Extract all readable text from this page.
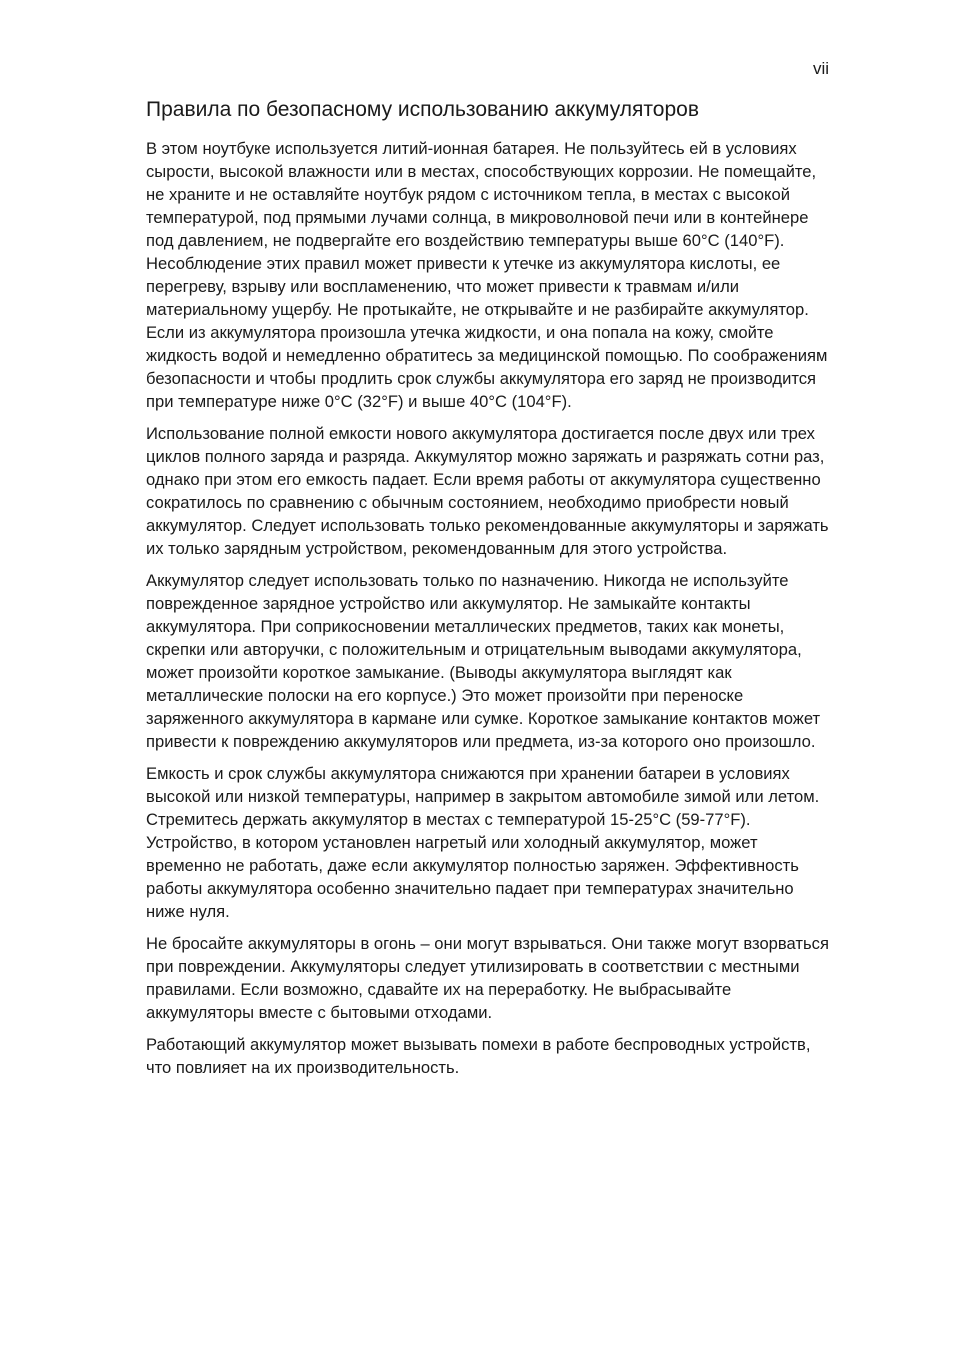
vii
Правила по безопасному использованию аккумуляторов

В этом ноутбуке используется литий-ионная батарея. Не пользуйтесь ей в условиях сырости, высокой влажности или в местах, способствующих коррозии. Не помещайте, не храните и не оставляйте ноутбук рядом с источником тепла, в местах с высокой температурой, под прямыми лучами солнца, в микроволновой печи или в контейнере под давлением, не подвергайте его воздействию температуры выше 60°C (140°F). Несоблюдение этих правил может привести к утечке из аккумулятора кислоты, ее перегреву, взрыву или воспламенению, что может привести к травмам и/или материальному ущербу. Не протыкайте, не открывайте и не разбирайте аккумулятор. Если из аккумулятора произошла утечка жидкости, и она попала на кожу, смойте жидкость водой и немедленно обратитесь за медицинской помощью. По соображениям безопасности и чтобы продлить срок службы аккумулятора его заряд не производится при температуре ниже 0°C (32°F) и выше 40°C (104°F).

Использование полной емкости нового аккумулятора достигается после двух или трех циклов полного заряда и разряда. Аккумулятор можно заряжать и разряжать сотни раз, однако при этом его емкость падает. Если время работы от аккумулятора существенно сократилось по сравнению с обычным состоянием, необходимо приобрести новый аккумулятор. Следует использовать только рекомендованные аккумуляторы и заряжать их только зарядным устройством, рекомендованным для этого устройства.

Аккумулятор следует использовать только по назначению. Никогда не используйте поврежденное зарядное устройство или аккумулятор. Не замыкайте контакты аккумулятора. При соприкосновении металлических предметов, таких как монеты, скрепки или авторучки, с положительным и отрицательным выводами аккумулятора, может произойти короткое замыкание. (Выводы аккумулятора выглядят как металлические полоски на его корпусе.) Это может произойти при переноске заряженного аккумулятора в кармане или сумке. Короткое замыкание контактов может привести к повреждению аккумуляторов или предмета, из-за которого оно произошло.

Емкость и срок службы аккумулятора снижаются при хранении батареи в условиях высокой или низкой температуры, например в закрытом автомобиле зимой или летом. Стремитесь держать аккумулятор в местах с температурой 15-25°C (59-77°F). Устройство, в котором установлен нагретый или холодный аккумулятор, может временно не работать, даже если аккумулятор полностью заряжен. Эффективность работы аккумулятора особенно значительно падает при температурах значительно ниже нуля.

Не бросайте аккумуляторы в огонь – они могут взрываться. Они также могут взорваться при повреждении. Аккумуляторы следует утилизировать в соответствии с местными правилами. Если возможно, сдавайте их на переработку. Не выбрасывайте аккумуляторы вместе с бытовыми отходами.

Работающий аккумулятор может вызывать помехи в работе беспроводных устройств, что повлияет на их производительность.
